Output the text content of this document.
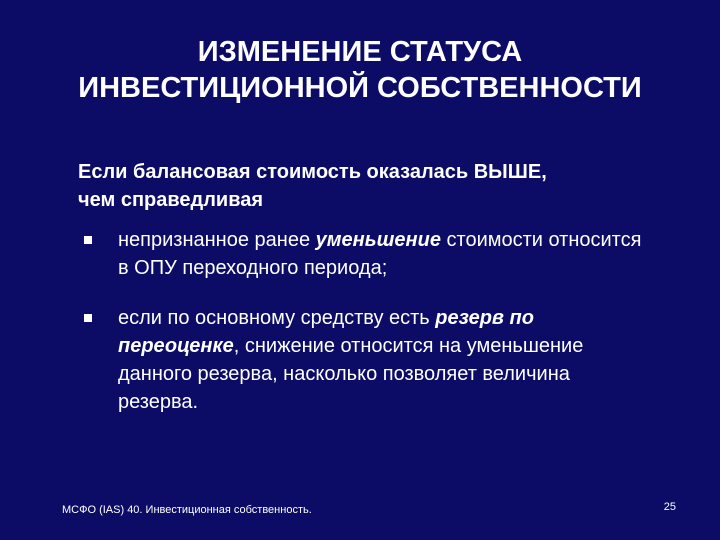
ИЗМЕНЕНИЕ СТАТУСА
ИНВЕСТИЦИОННОЙ СОБСТВЕННОСТИ
Если балансовая стоимость оказалась ВЫШЕ,
чем справедливая
непризнанное ранее уменьшение стоимости относится в ОПУ переходного периода;
если по основному средству есть резерв по переоценке, снижение относится на уменьшение данного резерва, насколько позволяет величина резерва.
МСФО (IAS) 40. Инвестиционная собственность.	25
